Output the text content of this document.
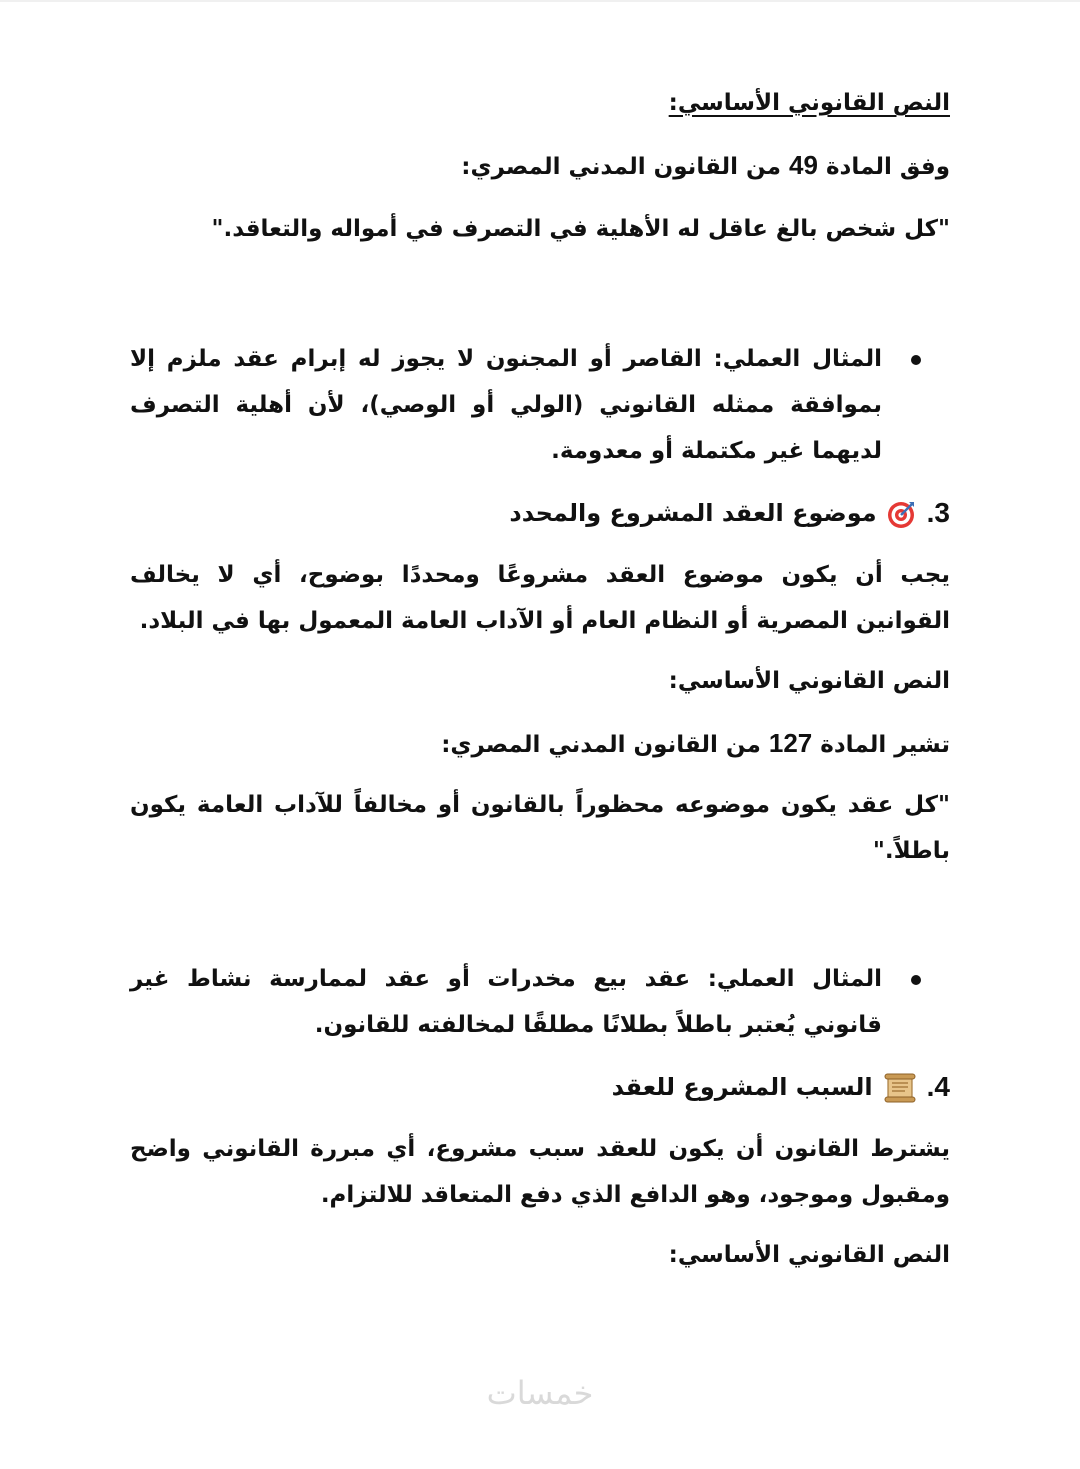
النص القانوني الأساسي:

وفق المادة 49 من القانون المدني المصري:

"كل شخص بالغ عاقل له الأهلية في التصرف في أمواله والتعاقد."

المثال العملي: القاصر أو المجنون لا يجوز له إبرام عقد ملزم إلا بموافقة ممثله القانوني (الولي أو الوصي)، لأن أهلية التصرف لديهما غير مكتملة أو معدومة.
3.
موضوع العقد المشروع والمحدد

يجب أن يكون موضوع العقد مشروعًا ومحددًا بوضوح، أي لا يخالف القوانين المصرية أو النظام العام أو الآداب العامة المعمول بها في البلاد.

النص القانوني الأساسي:

تشير المادة 127 من القانون المدني المصري:

"كل عقد يكون موضوعه محظوراً بالقانون أو مخالفاً للآداب العامة يكون باطلاً."

المثال العملي: عقد بيع مخدرات أو عقد لممارسة نشاط غير قانوني يُعتبر باطلاً بطلانًا مطلقًا لمخالفته للقانون.
4.
السبب المشروع للعقد

يشترط القانون أن يكون للعقد سبب مشروع، أي مبررة القانوني واضح ومقبول وموجود، وهو الدافع الذي دفع المتعاقد للالتزام.

النص القانوني الأساسي:

خمسات
